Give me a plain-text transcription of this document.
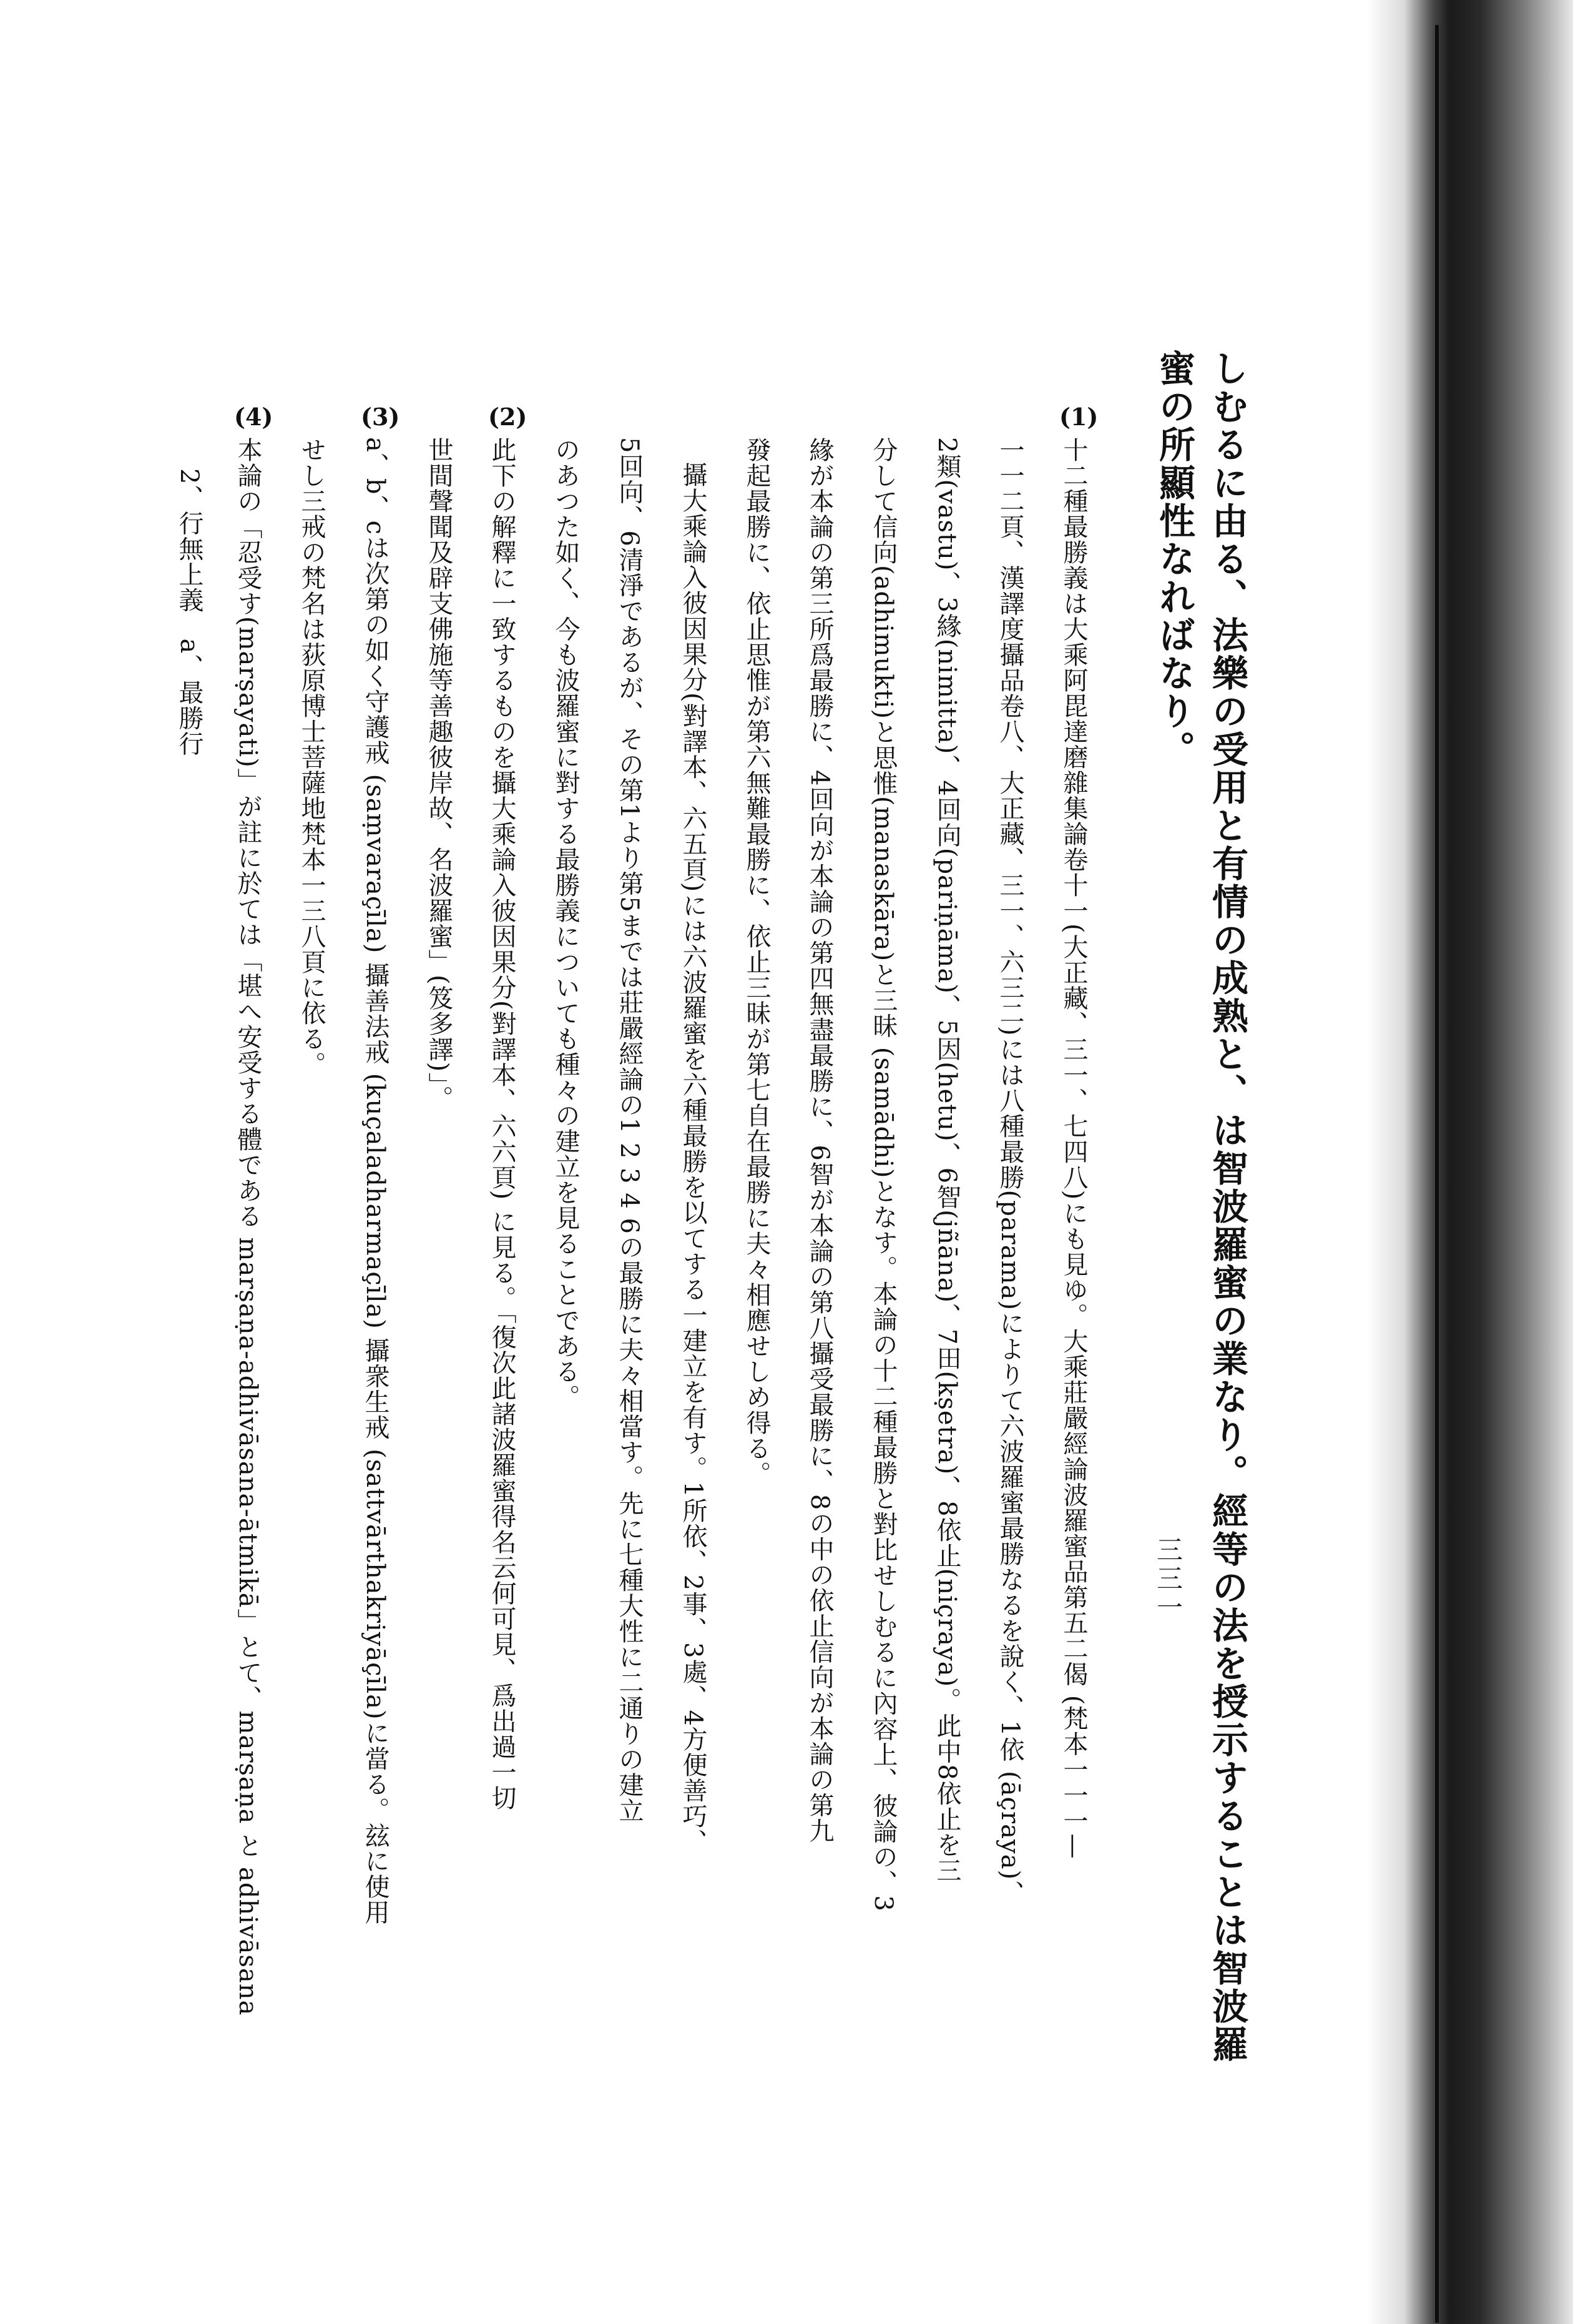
しむるに由る、法樂の受用と有情の成熟と、は智波羅蜜の業なり。經等の法を授示することは智波羅
蜜の所顯性なればなり。
(1)
(2)
(3)
(4)
十二種最勝義は大乘阿毘達磨雜集論卷十一(大正藏、三一、七四八)にも見ゆ。大乘莊嚴經論波羅蜜品第五二偈 (梵本一一一—
一一二頁、漢譯度攝品卷八、大正藏、三一、六三二)には八種最勝(parama)によりて六波羅蜜最勝なるを說く、1依 (āçraya)、
2類(vastu)、3緣(nimitta)、4回向(pariṇāma)、5因(hetu)、6智(jñāna)、7田(kṣetra)、8依止(niçraya)。此中8依止を三
分して信向(adhimukti)と思惟(manaskāra)と三昧 (samādhi)となす。本論の十二種最勝と對比せしむるに內容上、彼論の、3
緣が本論の第三所爲最勝に、4回向が本論の第四無盡最勝に、6智が本論の第八攝受最勝に、8の中の依止信向が本論の第九
發起最勝に、依止思惟が第六無難最勝に、依止三昧が第七自在最勝に夫々相應せしめ得る。
攝大乘論入彼因果分(對譯本、六五頁)には六波羅蜜を六種最勝を以てする一建立を有す。1所依、2事、3處、4方便善巧、
5回向、6清淨であるが、その第1より第5までは莊嚴經論の1 2 3 4 6の最勝に夫々相當す。先に七種大性に二通りの建立
のあつた如く、今も波羅蜜に對する最勝義についても種々の建立を見ることである。
此下の解釋に一致するものを攝大乘論入彼因果分(對譯本、六六頁) に見る。「復次此諸波羅蜜得名云何可見、爲出過一切
世間聲聞及辟支佛施等善趣彼岸故、名波羅蜜」(笈多譯)」。
a、b、cは次第の如く守護戒 (saṃvaraçīla) 攝善法戒 (kuçaladharmaçīla) 攝衆生戒 (sattvārthakriyāçīla)に當る。玆に使用
せし三戒の梵名は荻原博士菩薩地梵本一三八頁に依る。
本論の「忍受す(marṣayati)」が註に於ては「堪へ安受する體である marṣaṇa-adhivāsana-ātmikā」とて、marṣaṇa と adhivāsana
2、行無上義　a、最勝行
三三一
